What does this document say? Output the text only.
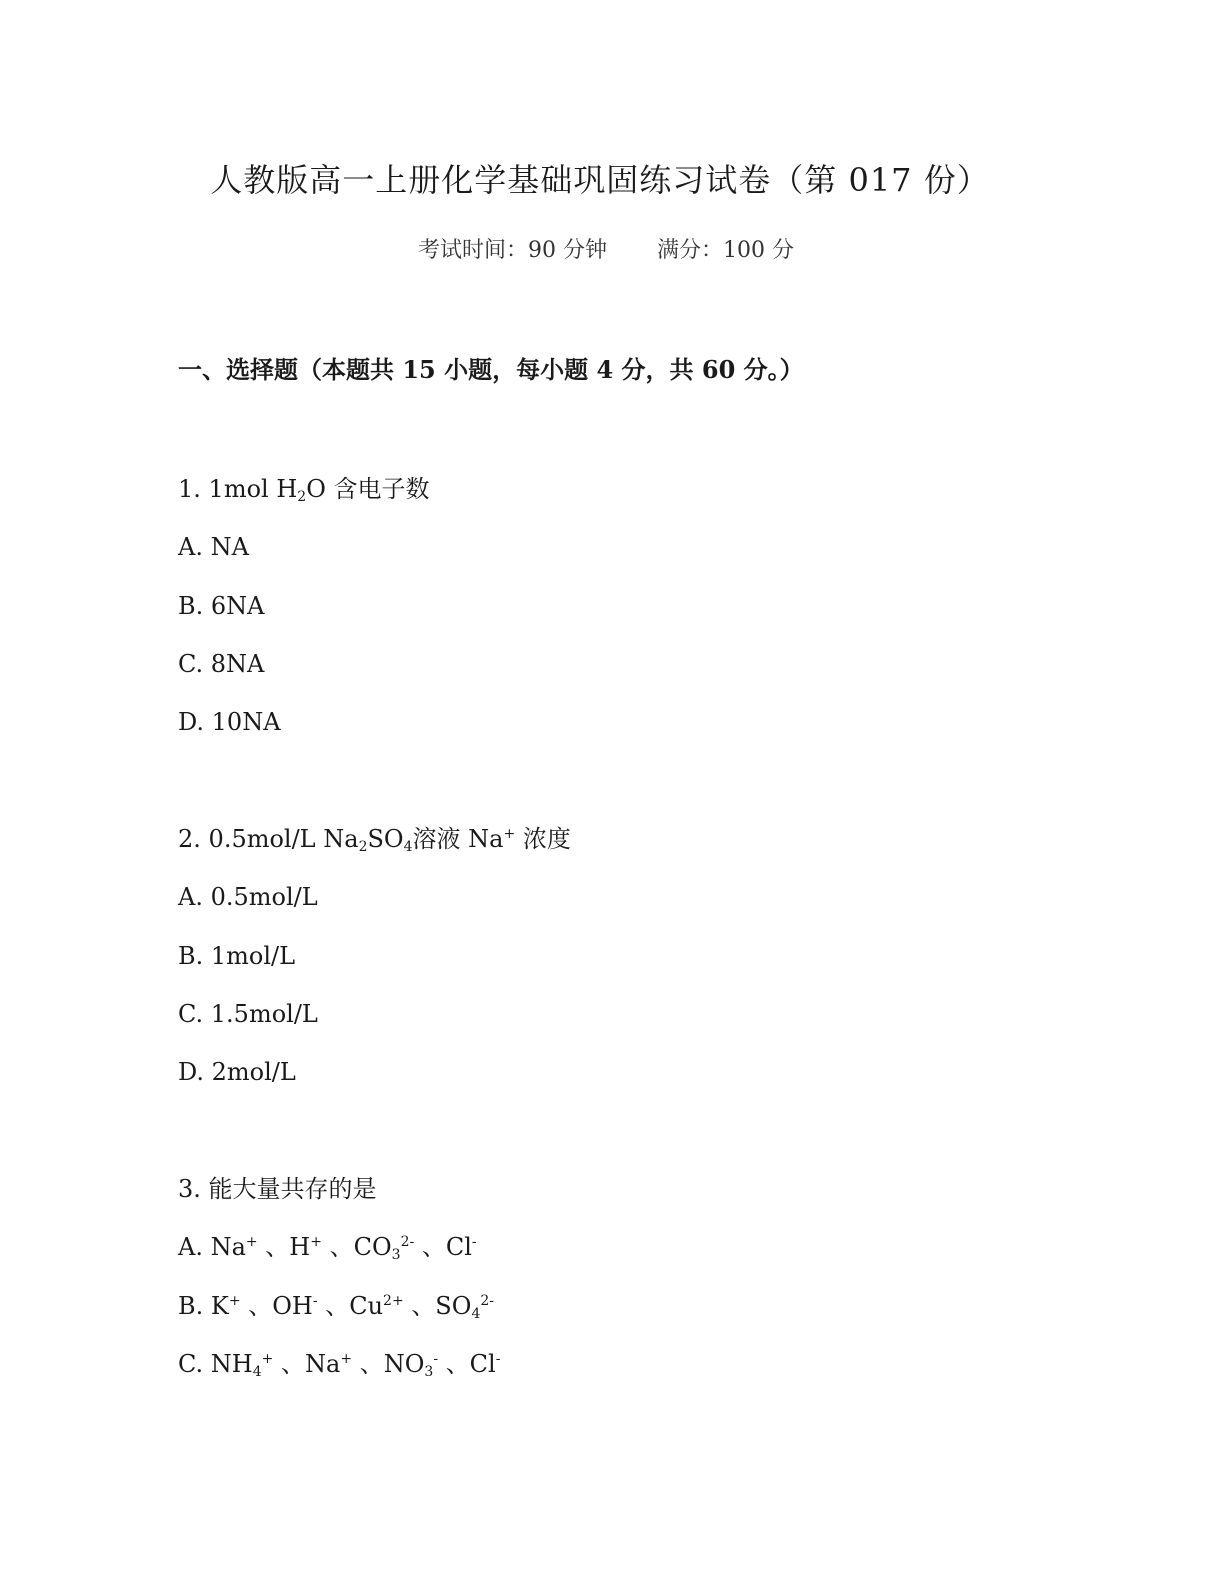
人教版高一上册化学基础巩固练习试卷（第 017 份）
考试时间：90 分钟 满分：100 分
一、选择题（本题共 15 小题，每小题 4 分，共 60 分。）
1. 1mol $H_2O$ 含电子数
A. NA
B. 6NA
C. 8NA
D. 10NA
2. 0.5mol/L $Na_2SO_4$溶液 Na+ 浓度
A. 0.5mol/L
B. 1mol/L
C. 1.5mol/L
D. 2mol/L
3. 能大量共存的是
A. Na+ 、H+ 、$CO_3^{2-}$ 、Cl-
B. K+ 、OH- 、$Cu^{2+}$ 、$SO_4^{2-}$
C. $NH_4^+$ 、Na+ 、$NO_3^-$ 、Cl-
